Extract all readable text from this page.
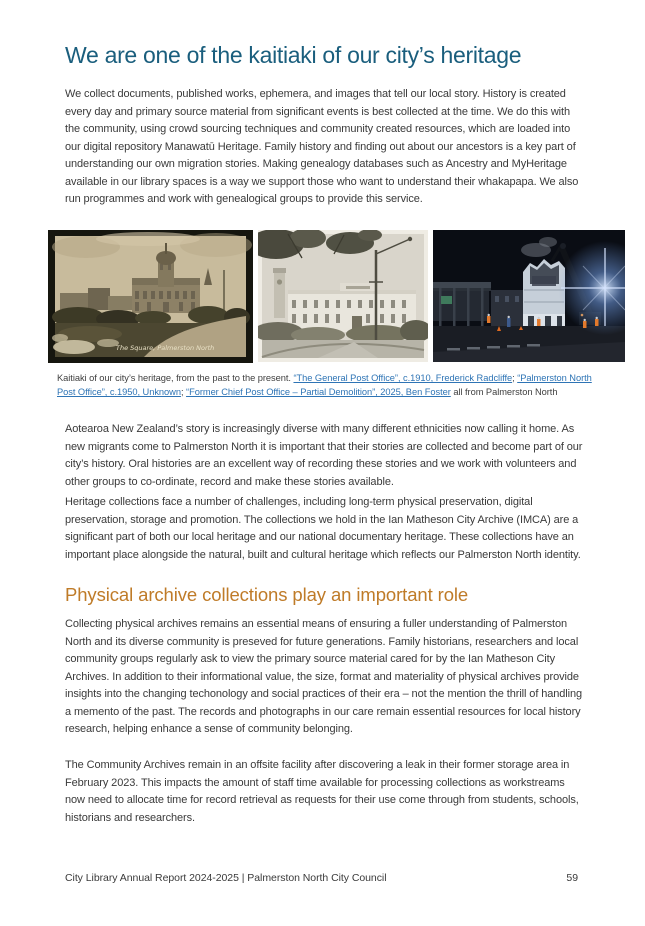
We are one of the kaitiaki of our city’s heritage

We collect documents, published works, ephemera, and images that tell our local story. History is created every day and primary source material from significant events is best collected at the time. We do this with the community, using crowd sourcing techniques and community created resources, which are loaded into our digital repository Manawatū Heritage. Family history and finding out about our ancestors is a key part of understanding our own migration stories. Making genealogy databases such as Ancestry and MyHeritage available in our library spaces is a way we support those who want to understand their whakapapa. We also run programmes and work with genealogical groups to provide this service.

The Square, Palmerston North

Kaitiaki of our city’s heritage, from the past to the present. “The General Post Office”, c.1910, Frederick Radcliffe; “Palmerston North Post Office”, c.1950, Unknown; “Former Chief Post Office – Partial Demolition”, 2025, Ben Foster all from Palmerston North

Aotearoa New Zealand’s story is increasingly diverse with many different ethnicities now calling it home. As new migrants come to Palmerston North it is important that their stories are collected and become part of our city’s history. Oral histories are an excellent way of recording these stories and we work with volunteers and other groups to co-ordinate, record and make these stories available.

Heritage collections face a number of challenges, including long-term physical preservation, digital preservation, storage and promotion. The collections we hold in the Ian Matheson City Archive (IMCA) are a significant part of both our local heritage and our national documentary heritage. These collections have an important place alongside the natural, built and cultural heritage which reflects our Palmerston North identity.

Physical archive collections play an important role

Collecting physical archives remains an essential means of ensuring a fuller understanding of Palmerston North and its diverse community is preseved for future generations. Family historians, researchers and local community groups regularly ask to view the primary source material cared for by the Ian Matheson City Archives. In addition to their informational value, the size, format and materiality of physical archives provide insights into the changing techonology and social practices of their era – not the mention the thrill of handling a memento of the past. The records and photographs in our care remain essential resources for local history research, helping enhance a sense of community belonging.

The Community Archives remain in an offsite facility after discovering a leak in their former storage area in February 2023. This impacts the amount of staff time available for processing collections as workstreams now need to allocate time for record retrieval as requests for their use come through from students, schools, historians and researchers.

City Library Annual Report 2024-2025 | Palmerston North City Council	59
